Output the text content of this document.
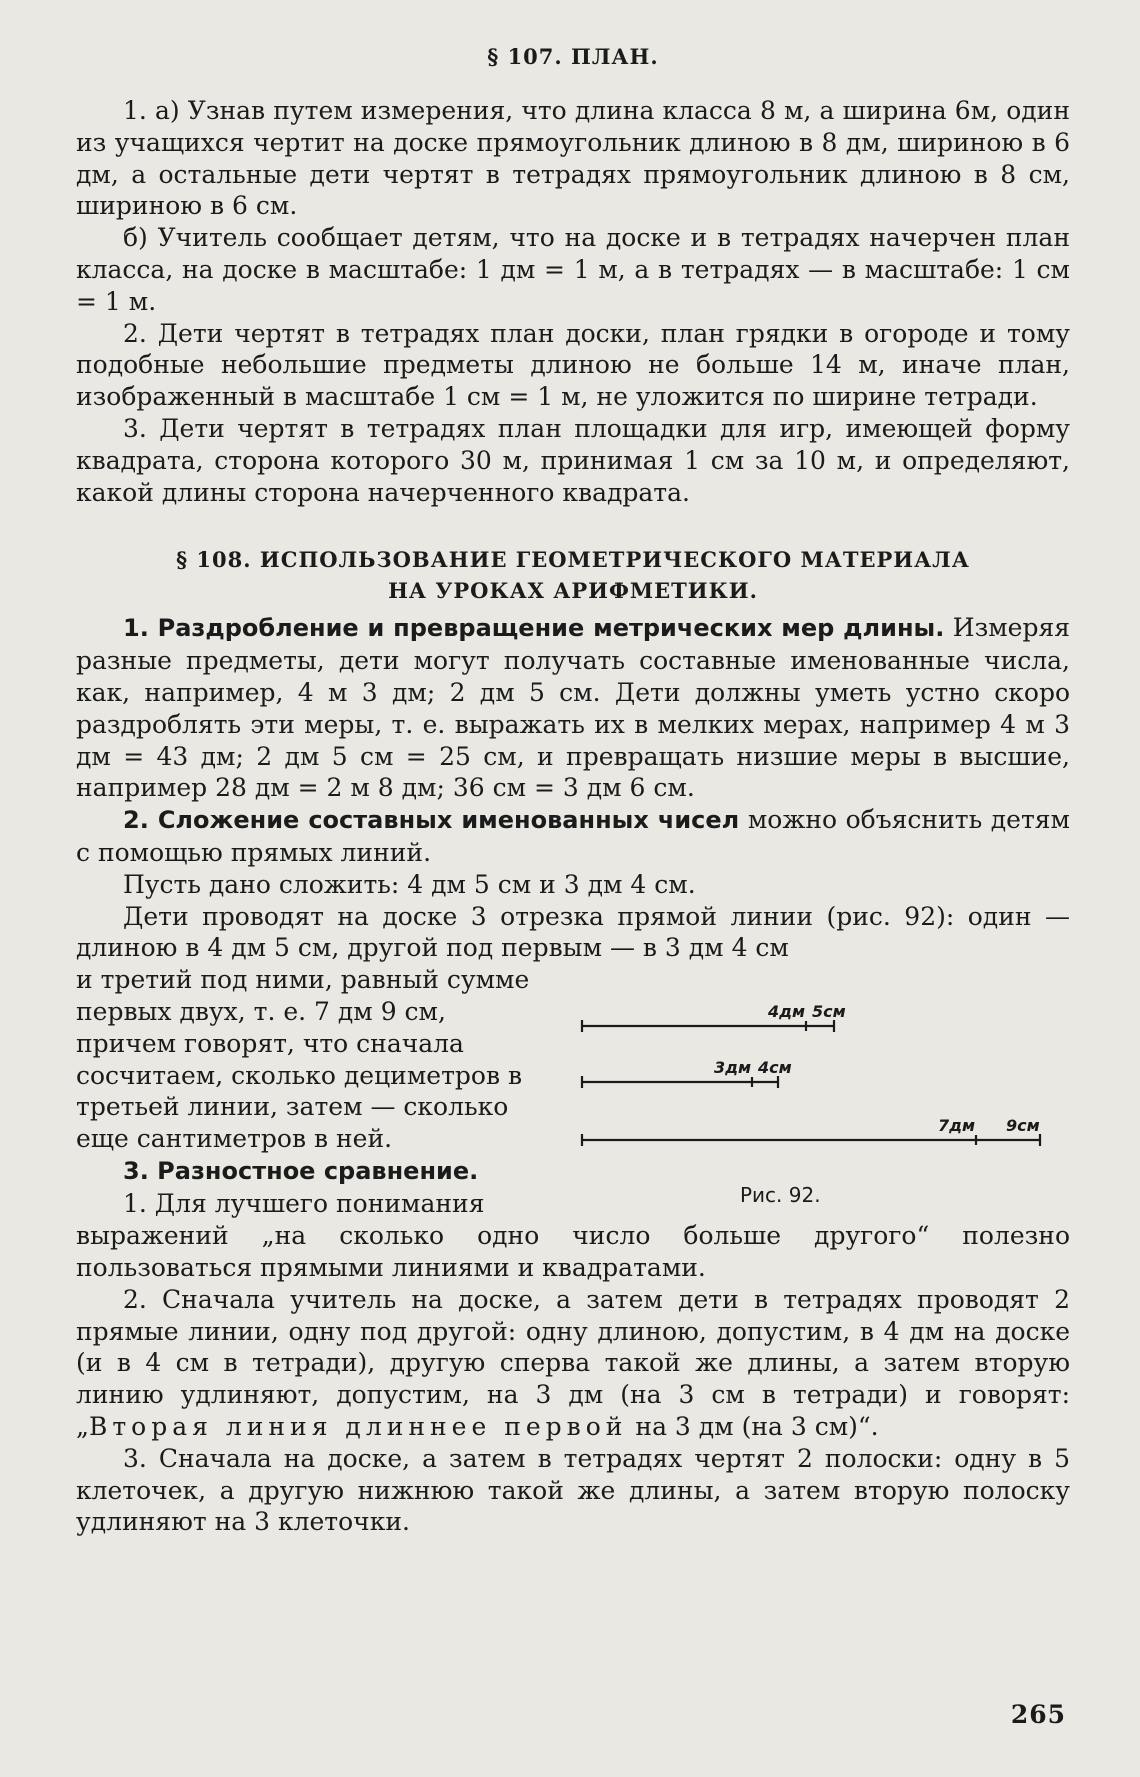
§ 107. ПЛАН.

1. а) Узнав путем измерения, что длина класса 8 м, а ширина 6м, один из учащихся чертит на доске прямоугольник длиною в 8 дм, шириною в 6 дм, а остальные дети чертят в тетрадях прямоугольник длиною в 8 см, шириною в 6 см.

б) Учитель сообщает детям, что на доске и в тетрадях начерчен план класса, на доске в масштабе: 1 дм = 1 м, а в тетрадях — в масштабе: 1 см = 1 м.

2. Дети чертят в тетрадях план доски, план грядки в огороде и тому подобные небольшие предметы длиною не больше 14 м, иначе план, изображенный в масштабе 1 см = 1 м, не уложится по ширине тетради.

3. Дети чертят в тетрадях план площадки для игр, имеющей форму квадрата, сторона которого 30 м, принимая 1 см за 10 м, и определяют, какой длины сторона начерченного квадрата.

§ 108. ИСПОЛЬЗОВАНИЕ ГЕОМЕТРИЧЕСКОГО МАТЕРИАЛА
НА УРОКАХ АРИФМЕТИКИ.

1. Раздробление и превращение метрических мер длины. Измеряя разные предметы, дети могут получать составные именованные числа, как, например, 4 м 3 дм; 2 дм 5 см. Дети должны уметь устно скоро раздроблять эти меры, т. е. выражать их в мелких мерах, например 4 м 3 дм = 43 дм; 2 дм 5 см = 25 см, и превращать низшие меры в высшие, например 28 дм = 2 м 8 дм; 36 см = 3 дм 6 см.

2. Сложение составных именованных чисел можно объяснить детям с помощью прямых линий.

Пусть дано сложить: 4 дм 5 см и 3 дм 4 см.

Дети проводят на доске 3 отрезка прямой линии (рис. 92): один — длиною в 4 дм 5 см, другой под первым — в 3 дм 4 см

и третий под ними, равный сумме первых двух, т. е. 7 дм 9 см, причем говорят, что сначала сосчитаем, сколько дециметров в третьей линии, затем — сколько еще сантиметров в ней.

3. Разностное сравнение.

1. Для лучшего понимания

4дм 5см
3дм 4см
7дм 9см
Рис. 92.

выражений „на сколько одно число больше другого“ полезно пользоваться прямыми линиями и квадратами.

2. Сначала учитель на доске, а затем дети в тетрадях проводят 2 прямые линии, одну под другой: одну длиною, допустим, в 4 дм на доске (и в 4 см в тетради), другую сперва такой же длины, а затем вторую линию удлиняют, допустим, на 3 дм (на 3 см в тетради) и говорят: „Вторая линия длиннее первой на 3 дм (на 3 см)“.

3. Сначала на доске, а затем в тетрадях чертят 2 полоски: одну в 5 клеточек, а другую нижнюю такой же длины, а затем вторую полоску удлиняют на 3 клеточки.

265
